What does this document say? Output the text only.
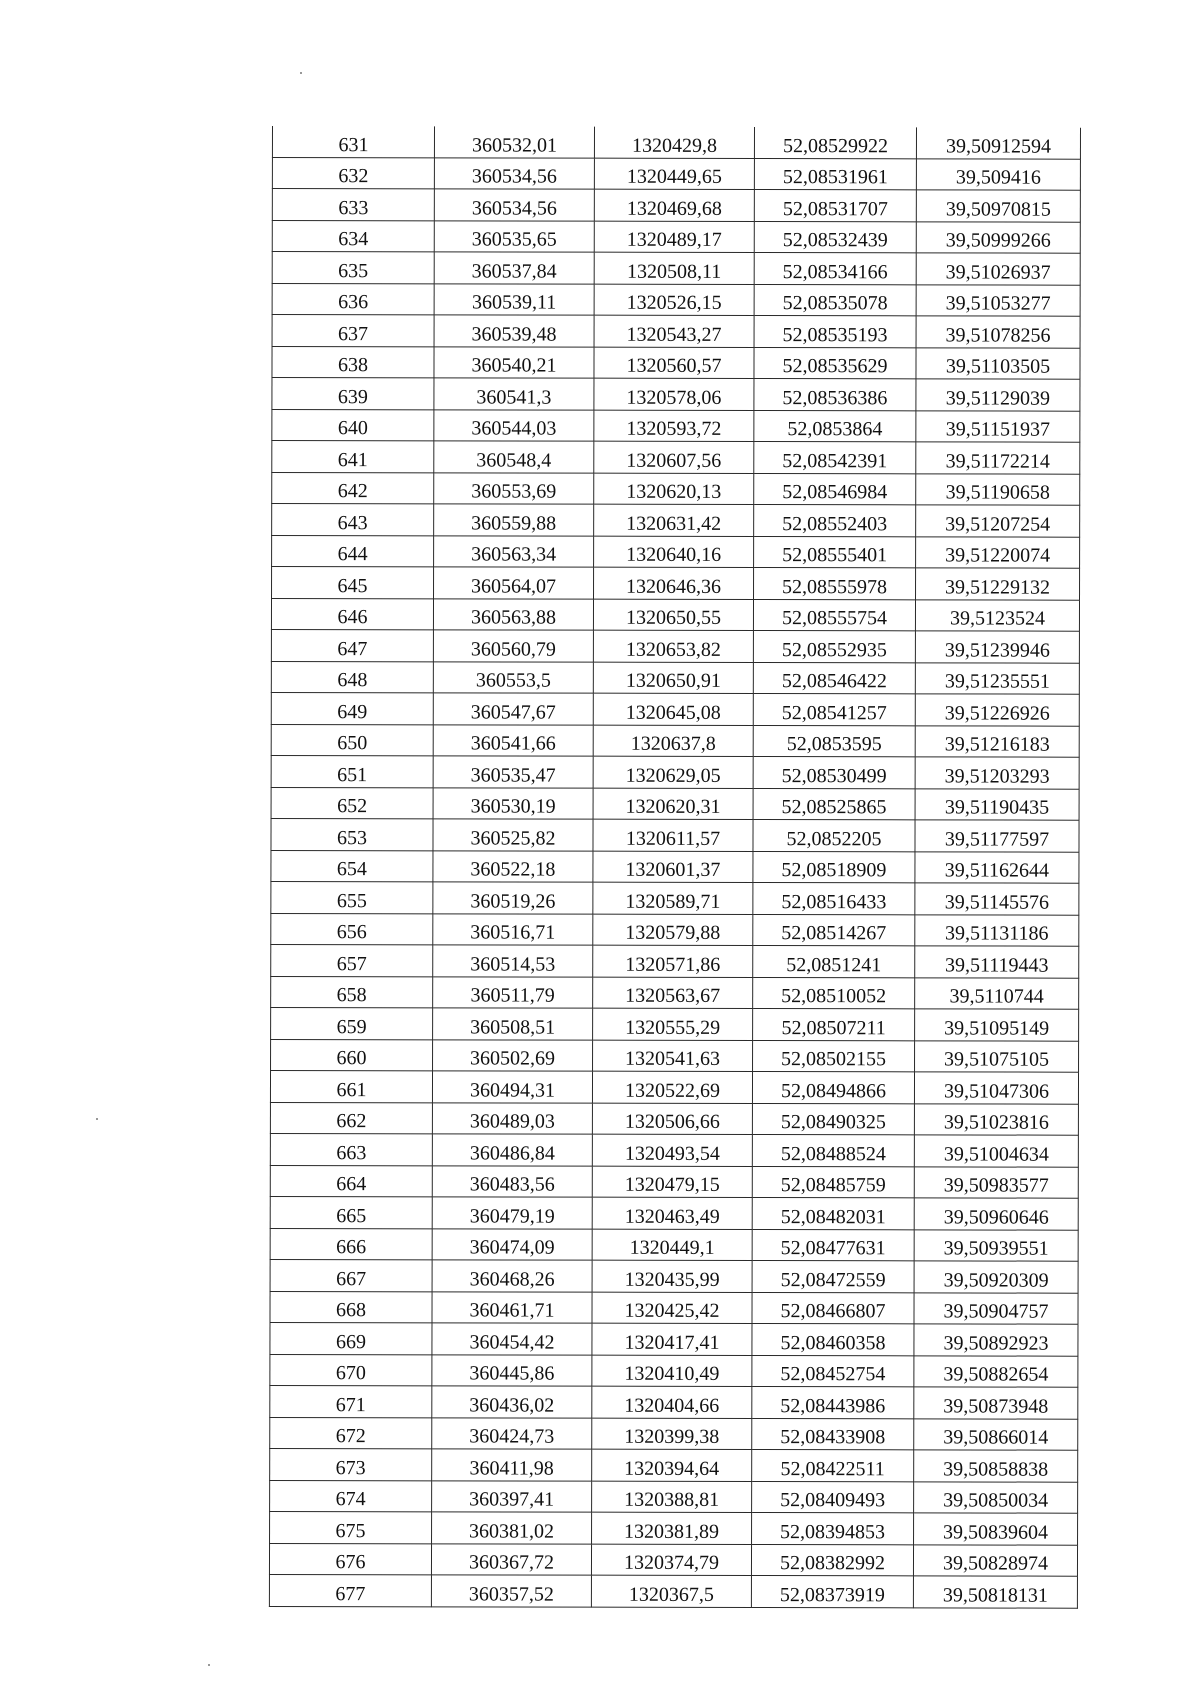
631	360532,01	1320429,8	52,08529922	39,50912594
632	360534,56	1320449,65	52,08531961	39,509416
633	360534,56	1320469,68	52,08531707	39,50970815
634	360535,65	1320489,17	52,08532439	39,50999266
635	360537,84	1320508,11	52,08534166	39,51026937
636	360539,11	1320526,15	52,08535078	39,51053277
637	360539,48	1320543,27	52,08535193	39,51078256
638	360540,21	1320560,57	52,08535629	39,51103505
639	360541,3	1320578,06	52,08536386	39,51129039
640	360544,03	1320593,72	52,0853864	39,51151937
641	360548,4	1320607,56	52,08542391	39,51172214
642	360553,69	1320620,13	52,08546984	39,51190658
643	360559,88	1320631,42	52,08552403	39,51207254
644	360563,34	1320640,16	52,08555401	39,51220074
645	360564,07	1320646,36	52,08555978	39,51229132
646	360563,88	1320650,55	52,08555754	39,5123524
647	360560,79	1320653,82	52,08552935	39,51239946
648	360553,5	1320650,91	52,08546422	39,51235551
649	360547,67	1320645,08	52,08541257	39,51226926
650	360541,66	1320637,8	52,0853595	39,51216183
651	360535,47	1320629,05	52,08530499	39,51203293
652	360530,19	1320620,31	52,08525865	39,51190435
653	360525,82	1320611,57	52,0852205	39,51177597
654	360522,18	1320601,37	52,08518909	39,51162644
655	360519,26	1320589,71	52,08516433	39,51145576
656	360516,71	1320579,88	52,08514267	39,51131186
657	360514,53	1320571,86	52,0851241	39,51119443
658	360511,79	1320563,67	52,08510052	39,5110744
659	360508,51	1320555,29	52,08507211	39,51095149
660	360502,69	1320541,63	52,08502155	39,51075105
661	360494,31	1320522,69	52,08494866	39,51047306
662	360489,03	1320506,66	52,08490325	39,51023816
663	360486,84	1320493,54	52,08488524	39,51004634
664	360483,56	1320479,15	52,08485759	39,50983577
665	360479,19	1320463,49	52,08482031	39,50960646
666	360474,09	1320449,1	52,08477631	39,50939551
667	360468,26	1320435,99	52,08472559	39,50920309
668	360461,71	1320425,42	52,08466807	39,50904757
669	360454,42	1320417,41	52,08460358	39,50892923
670	360445,86	1320410,49	52,08452754	39,50882654
671	360436,02	1320404,66	52,08443986	39,50873948
672	360424,73	1320399,38	52,08433908	39,50866014
673	360411,98	1320394,64	52,08422511	39,50858838
674	360397,41	1320388,81	52,08409493	39,50850034
675	360381,02	1320381,89	52,08394853	39,50839604
676	360367,72	1320374,79	52,08382992	39,50828974
677	360357,52	1320367,5	52,08373919	39,50818131
